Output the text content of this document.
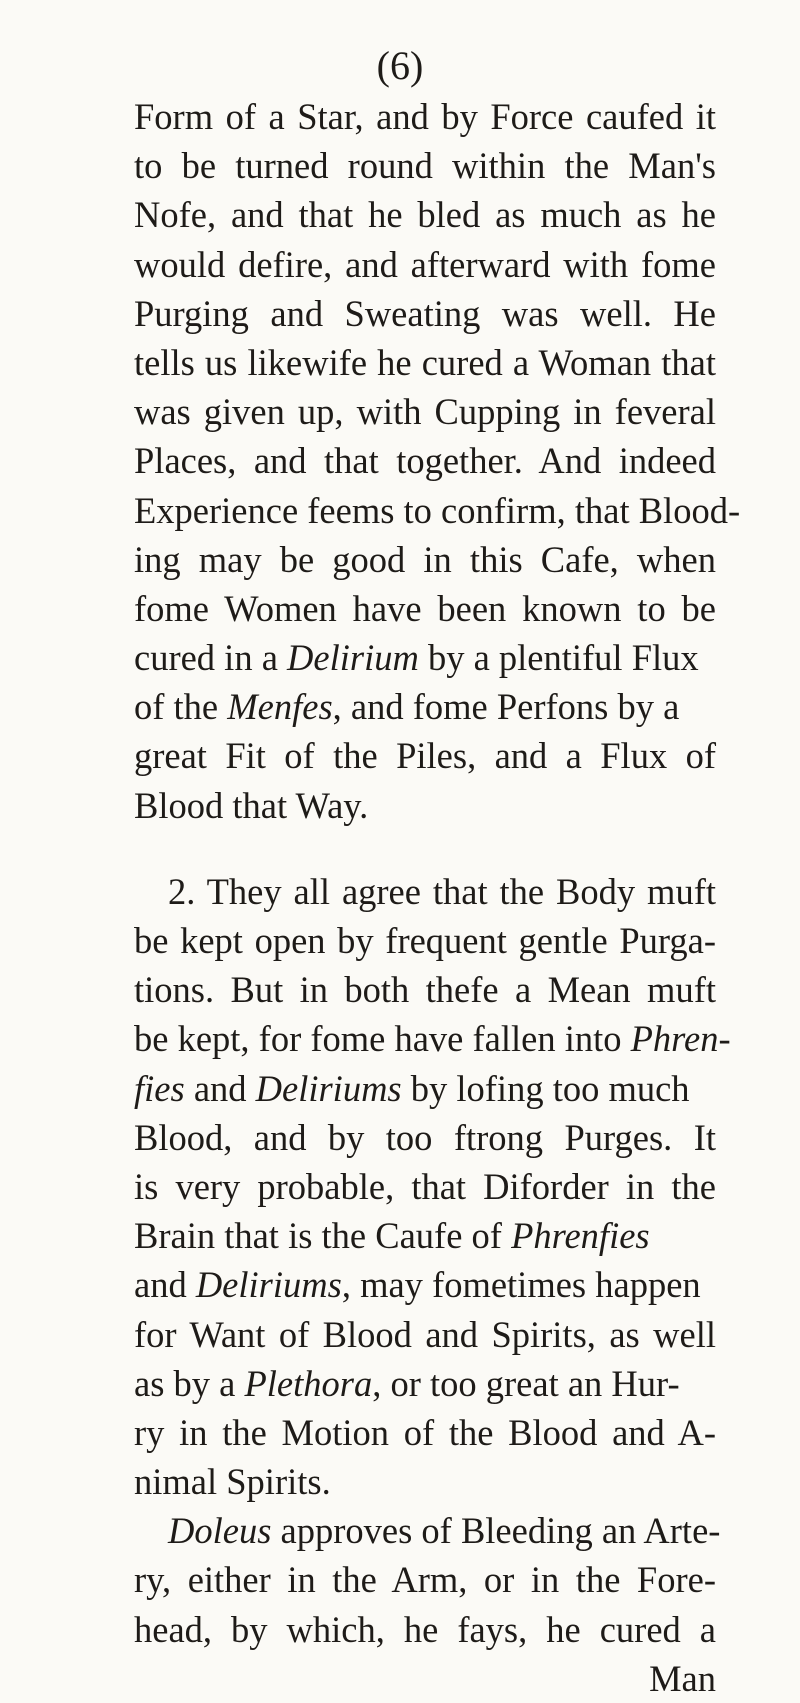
(6)
Form of a Star, and by Force caufed it
to be turned round within the Man's
Nofe, and that he bled as much as he
would defire, and afterward with fome
Purging and Sweating was well. He
tells us likewife he cured a Woman that
was given up, with Cupping in feveral
Places, and that together. And indeed
Experience feems to confirm, that Blood-
ing may be good in this Cafe, when
fome Women have been known to be
cured in a Delirium by a plentiful Flux
of the Menfes, and fome Perfons by a
great Fit of the Piles, and a Flux of
Blood that Way.
2. They all agree that the Body muft
be kept open by frequent gentle Purga-
tions. But in both thefe a Mean muft
be kept, for fome have fallen into Phren-
fies and Deliriums by lofing too much
Blood, and by too ftrong Purges. It
is very probable, that Diforder in the
Brain that is the Caufe of Phrenfies
and Deliriums, may fometimes happen
for Want of Blood and Spirits, as well
as by a Plethora, or too great an Hur-
ry in the Motion of the Blood and A-
nimal Spirits.
Doleus approves of Bleeding an Arte-
ry, either in the Arm, or in the Fore-
head, by which, he fays, he cured a
Man
